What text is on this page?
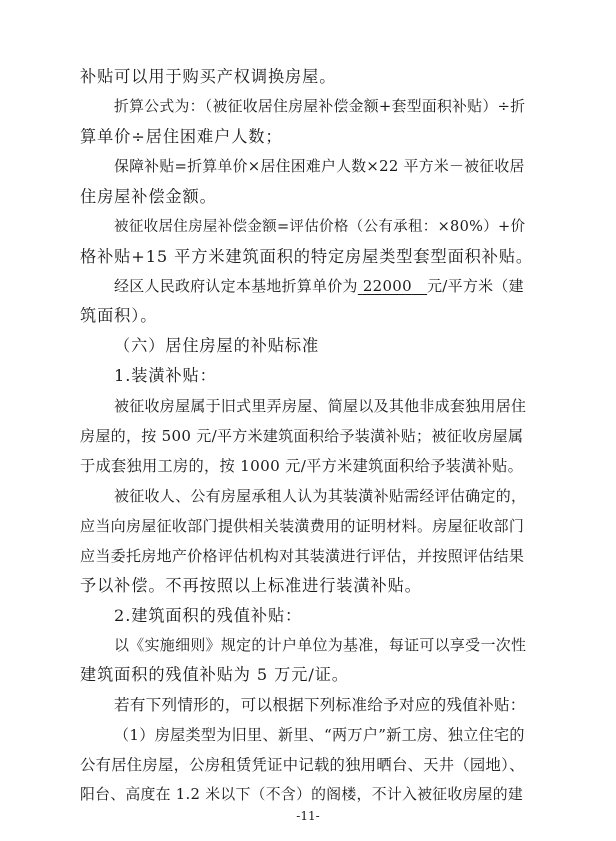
补贴可以用于购买产权调换房屋。
折算公式为：（被征收居住房屋补偿金额+套型面积补贴）÷折
算单价÷居住困难户人数；
保障补贴=折算单价×居住困难户人数×22 平方米－被征收居
住房屋补偿金额。
被征收居住房屋补偿金额=评估价格（公有承租：×80%）+价
格补贴+15 平方米建筑面积的特定房屋类型套型面积补贴。
经区人民政府认定本基地折算单价为 22000 元/平方米（建
筑面积）。
（六）居住房屋的补贴标准
1.装潢补贴：
被征收房屋属于旧式里弄房屋、简屋以及其他非成套独用居住
房屋的，按 500 元/平方米建筑面积给予装潢补贴；被征收房屋属
于成套独用工房的，按 1000 元/平方米建筑面积给予装潢补贴。
被征收人、公有房屋承租人认为其装潢补贴需经评估确定的，
应当向房屋征收部门提供相关装潢费用的证明材料。房屋征收部门
应当委托房地产价格评估机构对其装潢进行评估，并按照评估结果
予以补偿。不再按照以上标准进行装潢补贴。
2.建筑面积的残值补贴：
以《实施细则》规定的计户单位为基准，每证可以享受一次性
建筑面积的残值补贴为 5 万元/证。
若有下列情形的，可以根据下列标准给予对应的残值补贴：
（1）房屋类型为旧里、新里、“两万户”新工房、独立住宅的
公有居住房屋，公房租赁凭证中记载的独用晒台、天井（园地）、
阳台、高度在 1.2 米以下（不含）的阁楼，不计入被征收房屋的建
-11-
